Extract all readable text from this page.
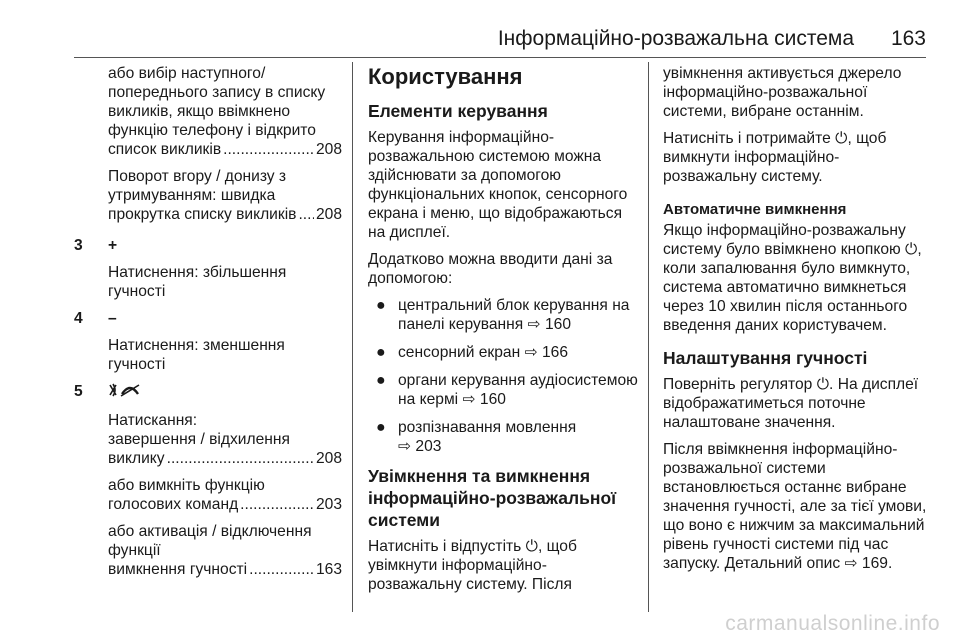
Інформаційно-розважальна система 163
або вибір наступного/ попереднього запису в списку викликів, якщо ввімкнено функцію телефону і відкрито
список викликів .....	208
Поворот вгору / донизу з утримуванням: швидка
прокрутка списку викликів ..... 208
3	+

Натиснення: збільшення гучності

4	–

Натиснення: зменшення гучності

5
Натискання:
завершення / відхилення
виклику .....	208
або вимкніть функцію
голосових команд .....	203
або активація / відключення функції
вимкнення гучності .....	163
Користування
Елементи керування

Керування інформаційно-розважальною системою можна здійснювати за допомогою функціональних кнопок, сенсорного екрана і меню, що відображаються на дисплеї.

Додатково можна вводити дані за допомогою:

● центральний блок керування на панелі керування ⇨ 160
● сенсорний екран ⇨ 166
● органи керування аудіосистемою на кермі ⇨ 160
● розпізнавання мовлення
⇨ 203
Увімкнення та вимкнення інформаційно-розважальної системи

Натисніть і відпустіть ⏻, щоб увімкнути інформаційно-розважальну систему. Після

увімкнення активується джерело інформаційно-розважальної системи, вибране останнім.

Натисніть і потримайте ⏻, щоб вимкнути інформаційно-розважальну систему.

Автоматичне вимкнення

Якщо інформаційно-розважальну систему було ввімкнено кнопкою ⏻, коли запалювання було вимкнуто, система автоматично вимкнеться через 10 хвилин після останнього введення даних користувачем.

Налаштування гучності

Поверніть регулятор ⏻. На дисплеї відображатиметься поточне налаштоване значення.

Після ввімкнення інформаційно-розважальної системи встановлюється останнє вибране значення гучності, але за тієї умови, що воно є нижчим за максимальний рівень гучності системи під час запуску. Детальний опис ⇨ 169.

carmanualsonline.info
